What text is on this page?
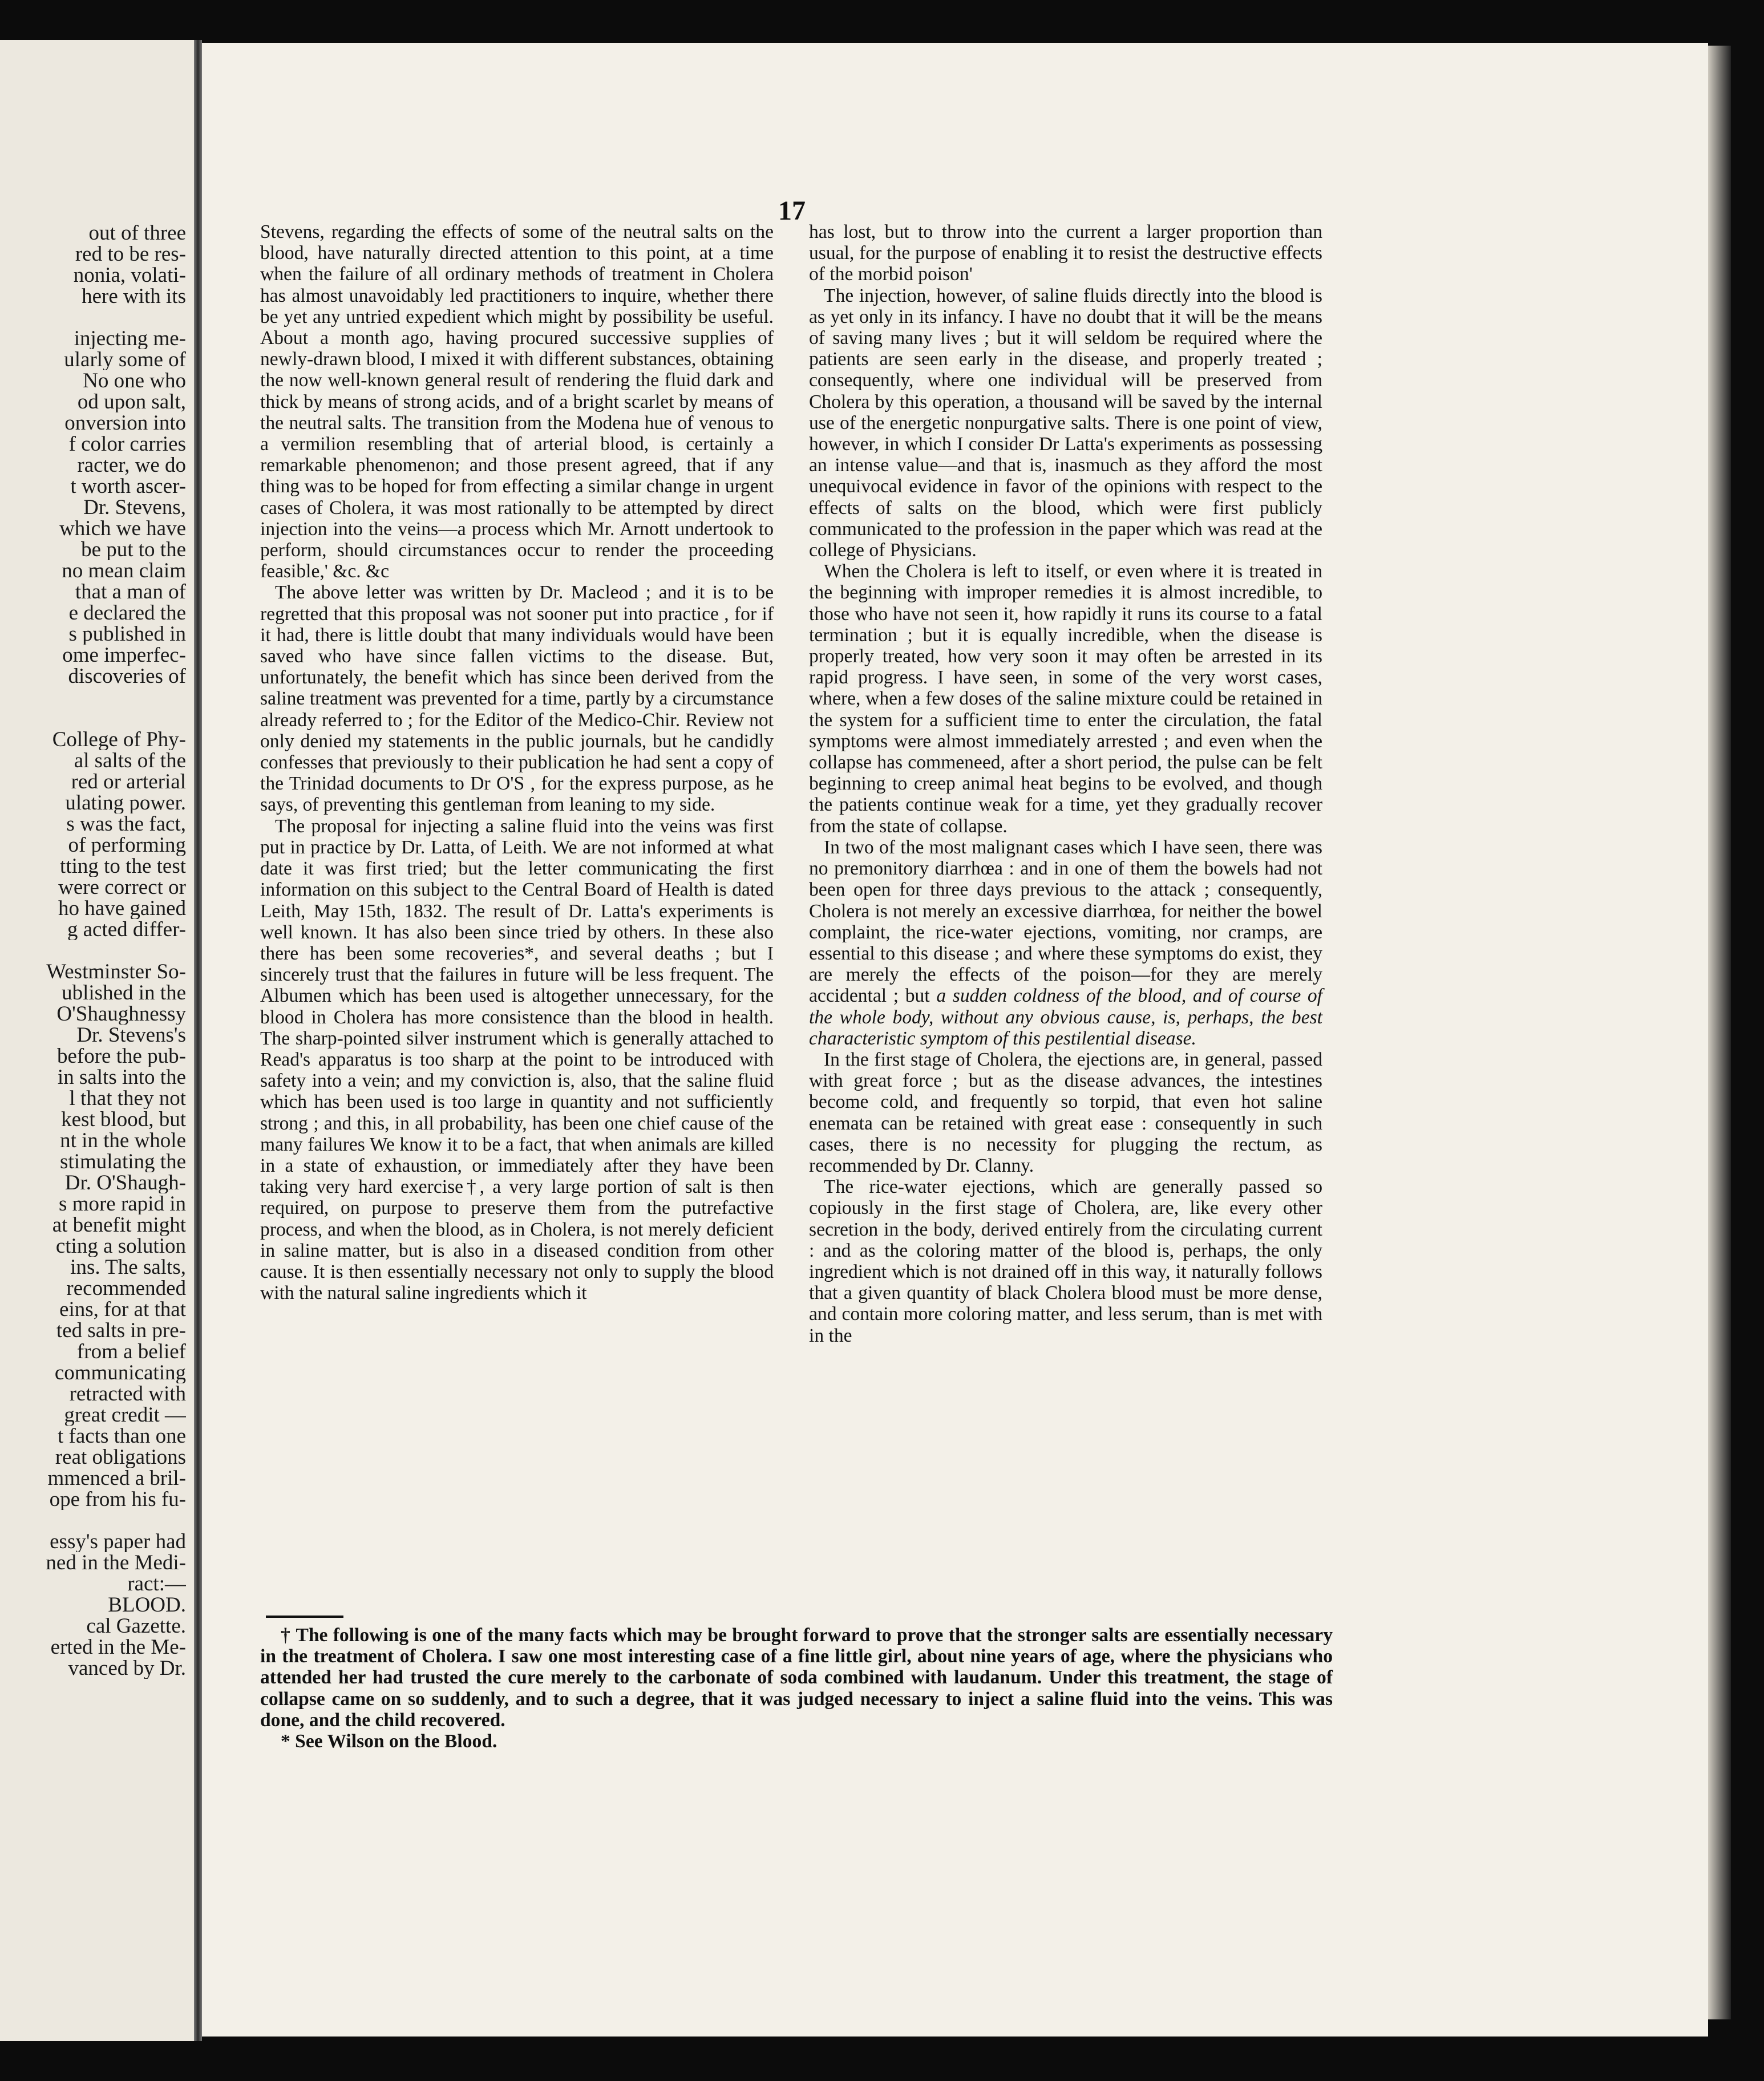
out of three
red to be res-
nonia, volati-
here with its
injecting me-
ularly some of
No one who
od upon salt,
onversion into
f color carries
racter, we do
t worth ascer-
Dr. Stevens,
which we have
be put to the
no mean claim
that a man of
e declared the
s published in
ome imperfec-
discoveries of
College of Phy-
al salts of the
red or arterial
ulating power.
s was the fact,
of performing
tting to the test
were correct or
ho have gained
g acted differ-
Westminster So-
ublished in the
O'Shaughnessy
Dr. Stevens's
before the pub-
in salts into the
l that they not
kest blood, but
nt in the whole
stimulating the
Dr. O'Shaugh-
s more rapid in
at benefit might
cting a solution
ins. The salts,
recommended
eins, for at that
ted salts in pre-
from a belief
communicating
retracted with
great credit —
t facts than one
reat obligations
mmenced a bril-
ope from his fu-
essy's paper had
ned in the Medi-
ract:—
BLOOD.
cal Gazette.
erted in the Me-
vanced by Dr.
17

Stevens, regarding the effects of some of the neutral salts on the blood, have naturally directed attention to this point, at a time when the failure of all ordinary methods of treatment in Cholera has almost unavoidably led practitioners to inquire, whether there be yet any untried expedient which might by possibility be useful. About a month ago, having procured successive supplies of newly-drawn blood, I mixed it with different substances, obtaining the now well-known general result of rendering the fluid dark and thick by means of strong acids, and of a bright scarlet by means of the neutral salts. The transition from the Modena hue of venous to a vermilion resembling that of arterial blood, is certainly a remarkable phenomenon; and those present agreed, that if any thing was to be hoped for from effecting a similar change in urgent cases of Cholera, it was most rationally to be attempted by direct injection into the veins—a process which Mr. Arnott undertook to perform, should circumstances occur to render the proceeding feasible,' &c. &c

The above letter was written by Dr. Macleod ; and it is to be regretted that this proposal was not sooner put into practice , for if it had, there is little doubt that many individuals would have been saved who have since fallen victims to the disease. But, unfortunately, the benefit which has since been derived from the saline treatment was prevented for a time, partly by a circumstance already referred to ; for the Editor of the Medico-Chir. Review not only denied my statements in the public journals, but he candidly confesses that previously to their publication he had sent a copy of the Trinidad documents to Dr O'S , for the express purpose, as he says, of preventing this gentleman from leaning to my side.

The proposal for injecting a saline fluid into the veins was first put in practice by Dr. Latta, of Leith. We are not informed at what date it was first tried; but the letter communicating the first information on this subject to the Central Board of Health is dated Leith, May 15th, 1832. The result of Dr. Latta's experiments is well known. It has also been since tried by others. In these also there has been some recoveries*, and several deaths ; but I sincerely trust that the failures in future will be less frequent. The Albumen which has been used is altogether unnecessary, for the blood in Cholera has more consistence than the blood in health. The sharp-pointed silver instrument which is generally attached to Read's apparatus is too sharp at the point to be introduced with safety into a vein; and my conviction is, also, that the saline fluid which has been used is too large in quantity and not sufficiently strong ; and this, in all probability, has been one chief cause of the many failures We know it to be a fact, that when animals are killed in a state of exhaustion, or immediately after they have been taking very hard exercise†, a very large portion of salt is then required, on purpose to preserve them from the putrefactive process, and when the blood, as in Cholera, is not merely deficient in saline matter, but is also in a diseased condition from other cause. It is then essentially necessary not only to supply the blood with the natural saline ingredients which it

has lost, but to throw into the current a larger proportion than usual, for the purpose of enabling it to resist the destructive effects of the morbid poison'

The injection, however, of saline fluids directly into the blood is as yet only in its infancy. I have no doubt that it will be the means of saving many lives ; but it will seldom be required where the patients are seen early in the disease, and properly treated ; consequently, where one individual will be preserved from Cholera by this operation, a thousand will be saved by the internal use of the energetic nonpurgative salts. There is one point of view, however, in which I consider Dr Latta's experiments as possessing an intense value—and that is, inasmuch as they afford the most unequivocal evidence in favor of the opinions with respect to the effects of salts on the blood, which were first publicly communicated to the profession in the paper which was read at the college of Physicians.

When the Cholera is left to itself, or even where it is treated in the beginning with improper remedies it is almost incredible, to those who have not seen it, how rapidly it runs its course to a fatal termination ; but it is equally incredible, when the disease is properly treated, how very soon it may often be arrested in its rapid progress. I have seen, in some of the very worst cases, where, when a few doses of the saline mixture could be retained in the system for a sufficient time to enter the circulation, the fatal symptoms were almost immediately arrested ; and even when the collapse has commeneed, after a short period, the pulse can be felt beginning to creep animal heat begins to be evolved, and though the patients continue weak for a time, yet they gradually recover from the state of collapse.

In two of the most malignant cases which I have seen, there was no premonitory diarrhœa : and in one of them the bowels had not been open for three days previous to the attack ; consequently, Cholera is not merely an excessive diarrhœa, for neither the bowel complaint, the rice-water ejections, vomiting, nor cramps, are essential to this disease ; and where these symptoms do exist, they are merely the effects of the poison—for they are merely accidental ; but a sudden coldness of the blood, and of course of the whole body, without any obvious cause, is, perhaps, the best characteristic symptom of this pestilential disease.

In the first stage of Cholera, the ejections are, in general, passed with great force ; but as the disease advances, the intestines become cold, and frequently so torpid, that even hot saline enemata can be retained with great ease : consequently in such cases, there is no necessity for plugging the rectum, as recommended by Dr. Clanny.

The rice-water ejections, which are generally passed so copiously in the first stage of Cholera, are, like every other secretion in the body, derived entirely from the circulating current : and as the coloring matter of the blood is, perhaps, the only ingredient which is not drained off in this way, it naturally follows that a given quantity of black Cholera blood must be more dense, and contain more coloring matter, and less serum, than is met with in the

† The following is one of the many facts which may be brought forward to prove that the stronger salts are essentially necessary in the treatment of Cholera. I saw one most interesting case of a fine little girl, about nine years of age, where the physicians who attended her had trusted the cure merely to the carbonate of soda combined with laudanum. Under this treatment, the stage of collapse came on so suddenly, and to such a degree, that it was judged necessary to inject a saline fluid into the veins. This was done, and the child recovered.

* See Wilson on the Blood.
